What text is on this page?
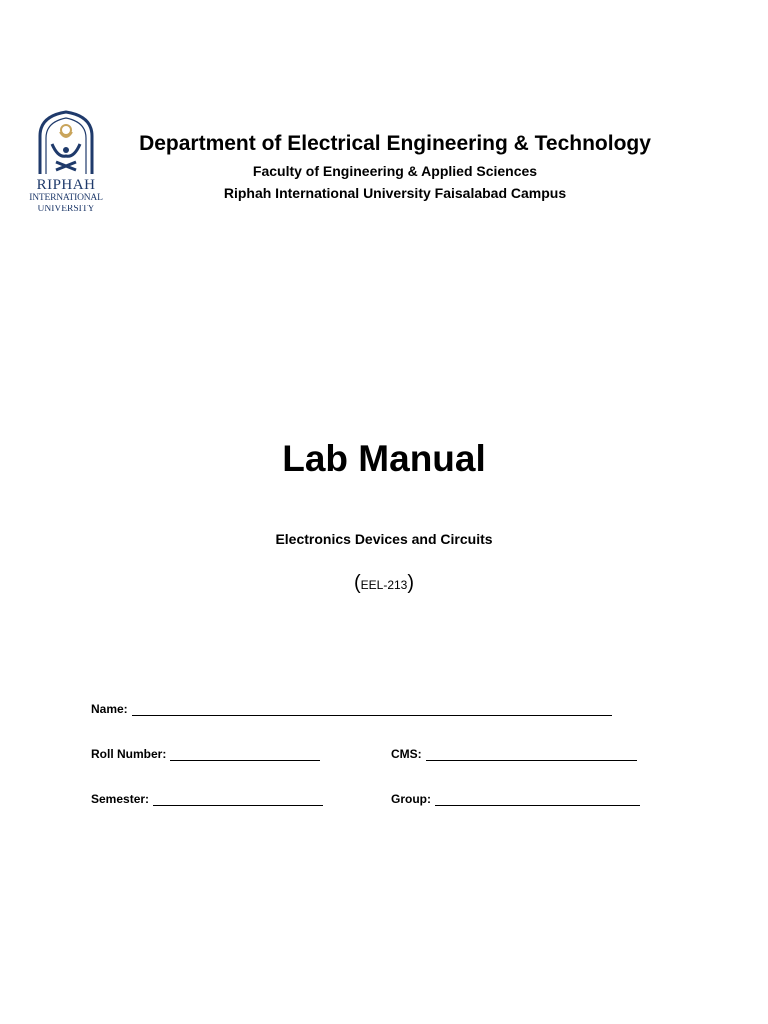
RIPHAH
INTERNATIONAL
UNIVERSITY

Department of Electrical Engineering & Technology

Faculty of Engineering & Applied Sciences

Riphah International University Faisalabad Campus

Lab Manual

Electronics Devices and Circuits

(EEL-213)
Name:
Roll Number:	CMS:
Semester:	Group:
